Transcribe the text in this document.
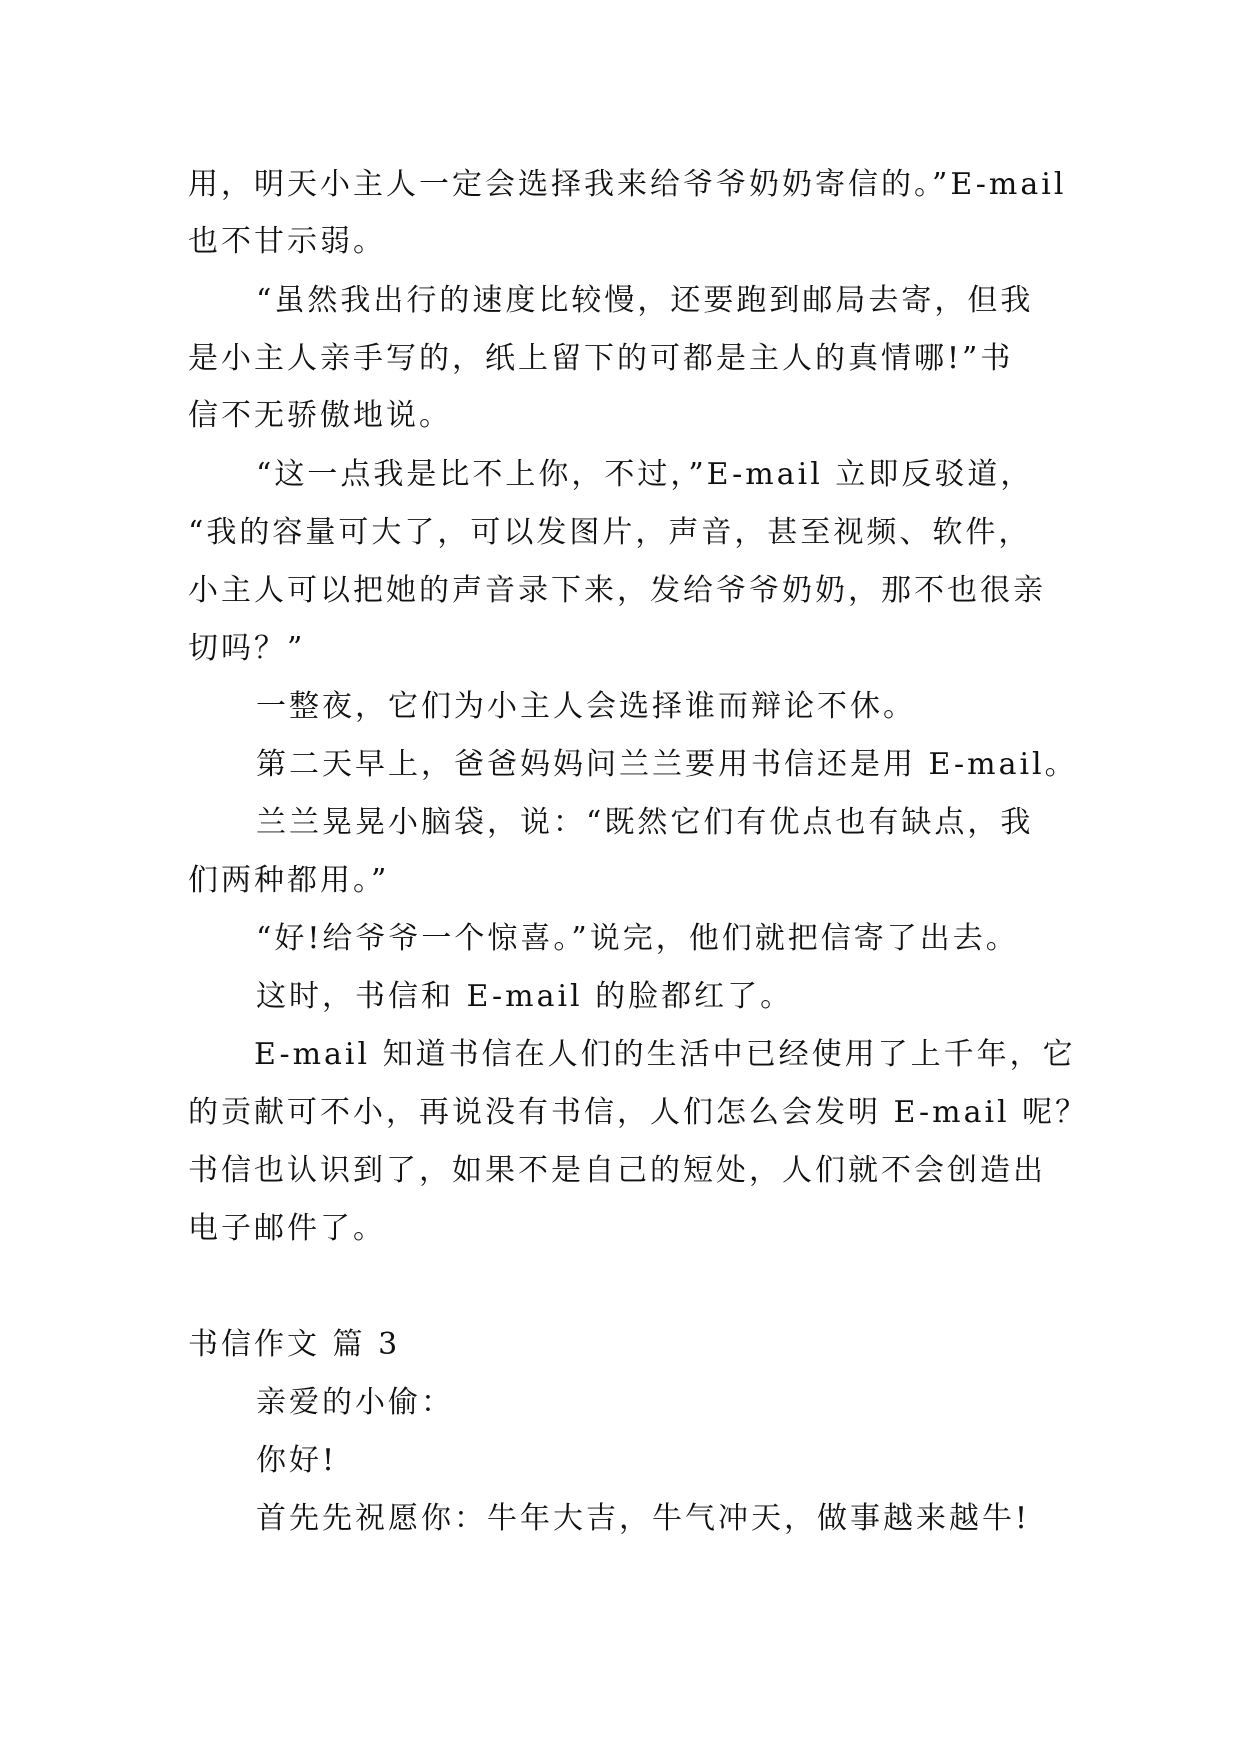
用，明天小主人一定会选择我来给爷爷奶奶寄信的。”E-mail
也不甘示弱。
“虽然我出行的速度比较慢，还要跑到邮局去寄，但我
是小主人亲手写的，纸上留下的可都是主人的真情哪!”书
信不无骄傲地说。
“这一点我是比不上你，不过，”E-mail 立即反驳道，
“我的容量可大了，可以发图片，声音，甚至视频、软件，
小主人可以把她的声音录下来，发给爷爷奶奶，那不也很亲
切吗？”
一整夜，它们为小主人会选择谁而辩论不休。
第二天早上，爸爸妈妈问兰兰要用书信还是用 E-mail。
兰兰晃晃小脑袋，说：“既然它们有优点也有缺点，我
们两种都用。”
“好!给爷爷一个惊喜。”说完，他们就把信寄了出去。
这时，书信和 E-mail 的脸都红了。
E-mail 知道书信在人们的生活中已经使用了上千年，它
的贡献可不小，再说没有书信，人们怎么会发明 E-mail 呢？
书信也认识到了，如果不是自己的短处，人们就不会创造出
电子邮件了。
书信作文 篇 3
亲爱的小偷：
你好!
首先先祝愿你：牛年大吉，牛气冲天，做事越来越牛!
